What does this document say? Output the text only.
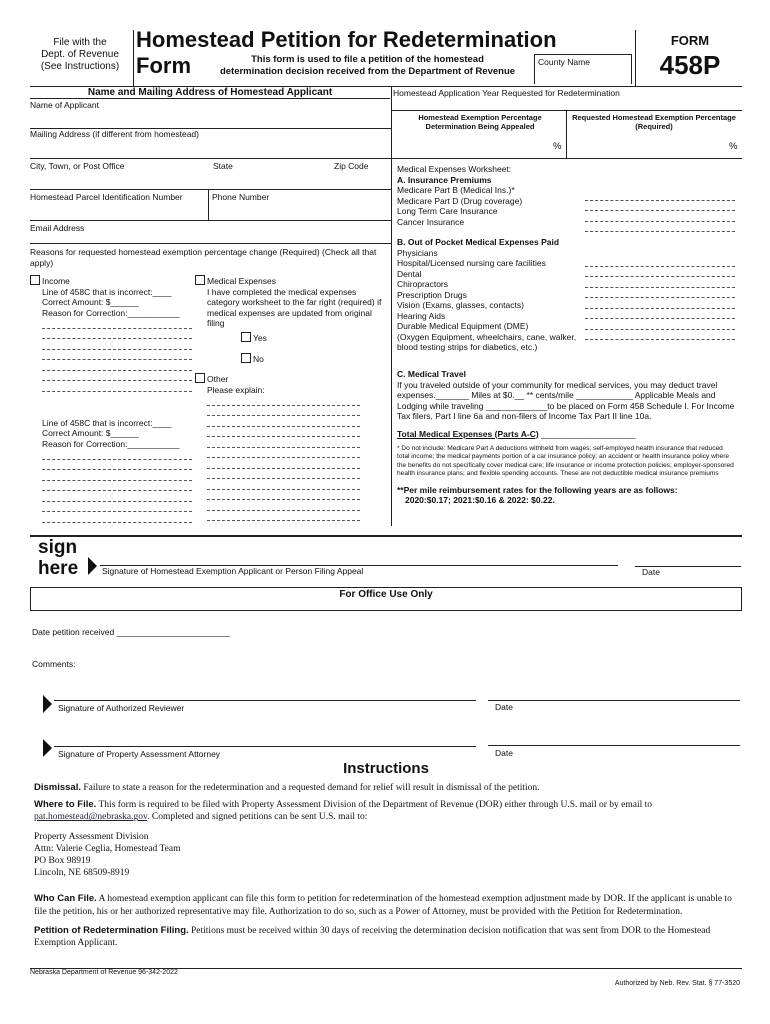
File with the
Dept. of Revenue
(See Instructions)
Homestead Petition for Redetermination Form	This form is used to file a petition of the homestead
determination decision received from the Department of Revenue
County Name
FORM
458P
Name and Mailing Address of Homestead Applicant
Name of Applicant
Mailing Address (if different from homestead)
City, Town, or Post Office	State	Zip Code
Homestead Parcel Identification Number	Phone Number
Email Address
Reasons for requested homestead exemption percentage change (Required) (Check all that apply)
Income
Line of 458C that is incorrect:____
Correct Amount: $______
Reason for Correction:___________
Line of 458C that is incorrect:____
Correct Amount: $______
Reason for Correction:___________
Medical Expenses
I have completed the medical expenses category worksheet to the far right (required) if medical expenses are updated from original filing
Yes
No
Other
Please explain:
Homestead Application Year Requested for Redetermination
Homestead Exemption Percentage Determination Being Appealed
Requested Homestead Exemption Percentage (Required)
%	%
Medical Expenses Worksheet:
A. Insurance Premiums
Medicare Part B (Medical Ins.)*
Medicare Part D (Drug coverage)
Long Term Care Insurance
Cancer Insurance
B. Out of Pocket Medical Expenses Paid
Physicians
Hospital/Licensed nursing care facilities
Dental
Chiropractors
Prescription Drugs
Vision (Exams, glasses, contacts)
Hearing Aids
Durable Medical Equipment (DME)
(Oxygen Equipment, wheelchairs, cane, walker, blood testing strips for diabetics, etc.)
C. Medical Travel
If you traveled outside of your community for medical services, you may deduct travel expenses._______ Miles at $0.__ ** cents/mile ____________ Applicable Meals and Lodging while traveling _____________to be placed on Form 458 Schedule I. For Income Tax filers, Part I line 6a and non-filers of Income Tax Part II line 10a.
Total Medical Expenses (Parts A-C) ____________________
* Do not include: Medicare Part A deductions withheld from wages; self-employed health insurance that reduced total income; the medical payments portion of a car insurance policy; an accident or health insurance policy where the benefits do not specifically cover medical care; life insurance or income protection policies; employer-sponsored health insurance plans; and flexible spending accounts. These are not deductible medical insurance premiums
**Per mile reimbursement rates for the following years are as follows:
2020:$0.17; 2021:$0.16 & 2022: $0.22.
sign
here	Signature of Homestead Exemption Applicant or Person Filing Appeal	Date
For Office Use Only
Date petition received ________________________
Comments:
Signature of Authorized Reviewer	Date
Signature of Property Assessment Attorney	Date
Instructions

Dismissal. Failure to state a reason for the redetermination and a requested demand for relief will result in dismissal of the petition.

Where to File. This form is required to be filed with Property Assessment Division of the Department of Revenue (DOR) either through U.S. mail or by email to pat.homestead@nebraska.gov. Completed and signed petitions can be sent U.S. mail to:

Property Assessment Division
Attn: Valerie Ceglia, Homestead Team
PO Box 98919
Lincoln, NE 68509-8919

Who Can File. A homestead exemption applicant can file this form to petition for redetermination of the homestead exemption adjustment made by DOR. If the applicant is unable to file the petition, his or her authorized representative may file. Authorization to do so, such as a Power of Attorney, must be provided with the Petition for Redetermination.

Petition of Redetermination Filing. Petitions must be received within 30 days of receiving the determination decision notification that was sent from DOR to the Homestead Exemption Applicant.

Nebraska Department of Revenue 96-342-2022
Authorized by Neb. Rev. Stat. § 77-3520
